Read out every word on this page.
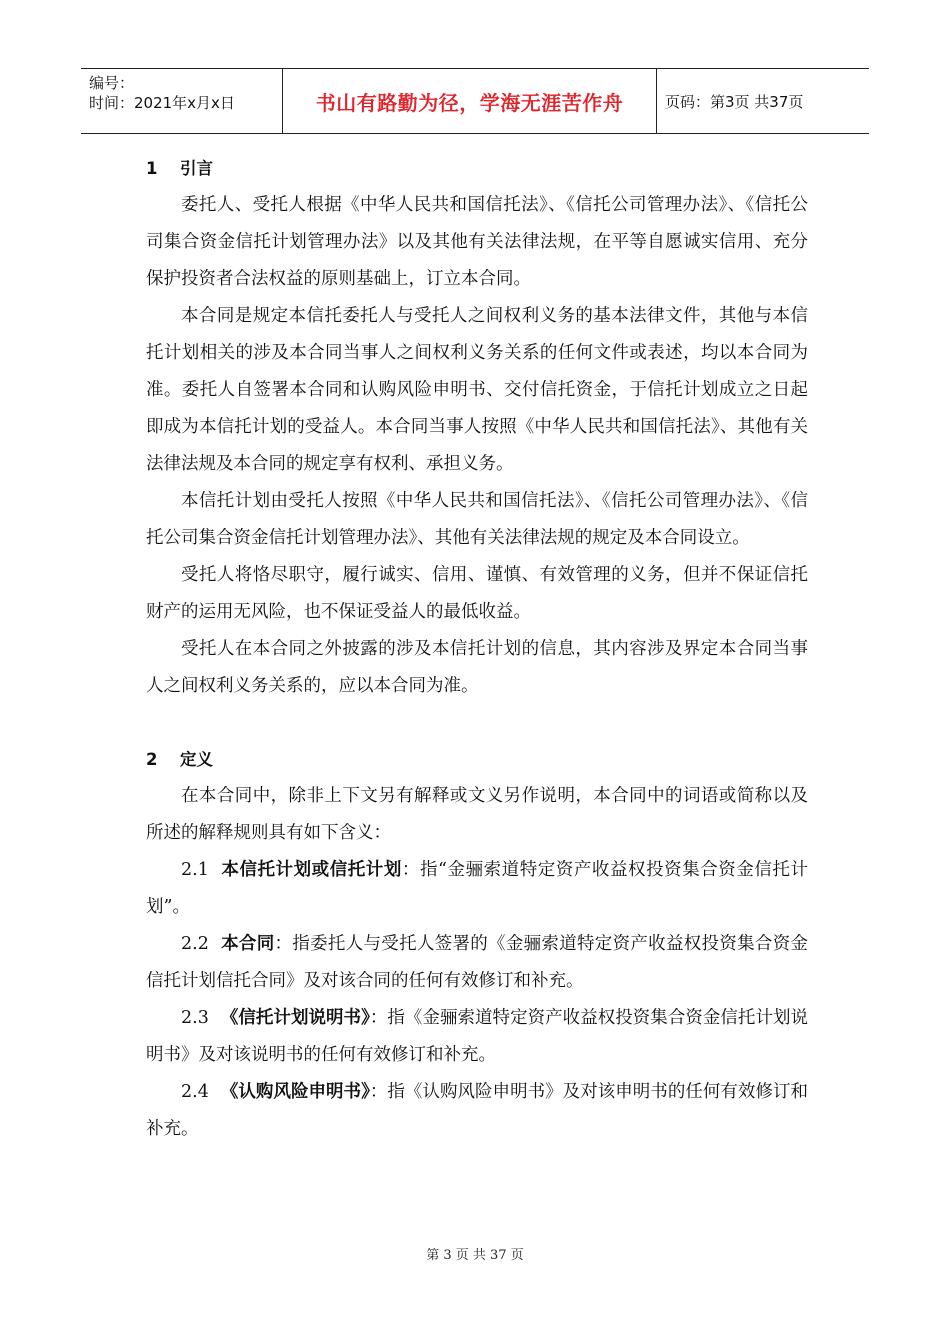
编号：
时间：2021年x月x日	书山有路勤为径，学海无涯苦作舟	页码：第3页 共37页

1 引言

委托人、受托人根据《中华人民共和国信托法》、《信托公司管理办法》、《信托公司集合资金信托计划管理办法》以及其他有关法律法规，在平等自愿诚实信用、充分保护投资者合法权益的原则基础上，订立本合同。

本合同是规定本信托委托人与受托人之间权利义务的基本法律文件，其他与本信托计划相关的涉及本合同当事人之间权利义务关系的任何文件或表述，均以本合同为准。委托人自签署本合同和认购风险申明书、交付信托资金，于信托计划成立之日起即成为本信托计划的受益人。本合同当事人按照《中华人民共和国信托法》、其他有关法律法规及本合同的规定享有权利、承担义务。

本信托计划由受托人按照《中华人民共和国信托法》、《信托公司管理办法》、《信托公司集合资金信托计划管理办法》、其他有关法律法规的规定及本合同设立。

受托人将恪尽职守，履行诚实、信用、谨慎、有效管理的义务，但并不保证信托财产的运用无风险，也不保证受益人的最低收益。

受托人在本合同之外披露的涉及本信托计划的信息，其内容涉及界定本合同当事人之间权利义务关系的，应以本合同为准。

2 定义

在本合同中，除非上下文另有解释或文义另作说明，本合同中的词语或简称以及所述的解释规则具有如下含义：

2.1 本信托计划或信托计划：指“金骊索道特定资产收益权投资集合资金信托计划”。

2.2 本合同：指委托人与受托人签署的《金骊索道特定资产收益权投资集合资金信托计划信托合同》及对该合同的任何有效修订和补充。

2.3 《信托计划说明书》：指《金骊索道特定资产收益权投资集合资金信托计划说明书》及对该说明书的任何有效修订和补充。

2.4 《认购风险申明书》：指《认购风险申明书》及对该申明书的任何有效修订和补充。

第 3 页 共 37 页
